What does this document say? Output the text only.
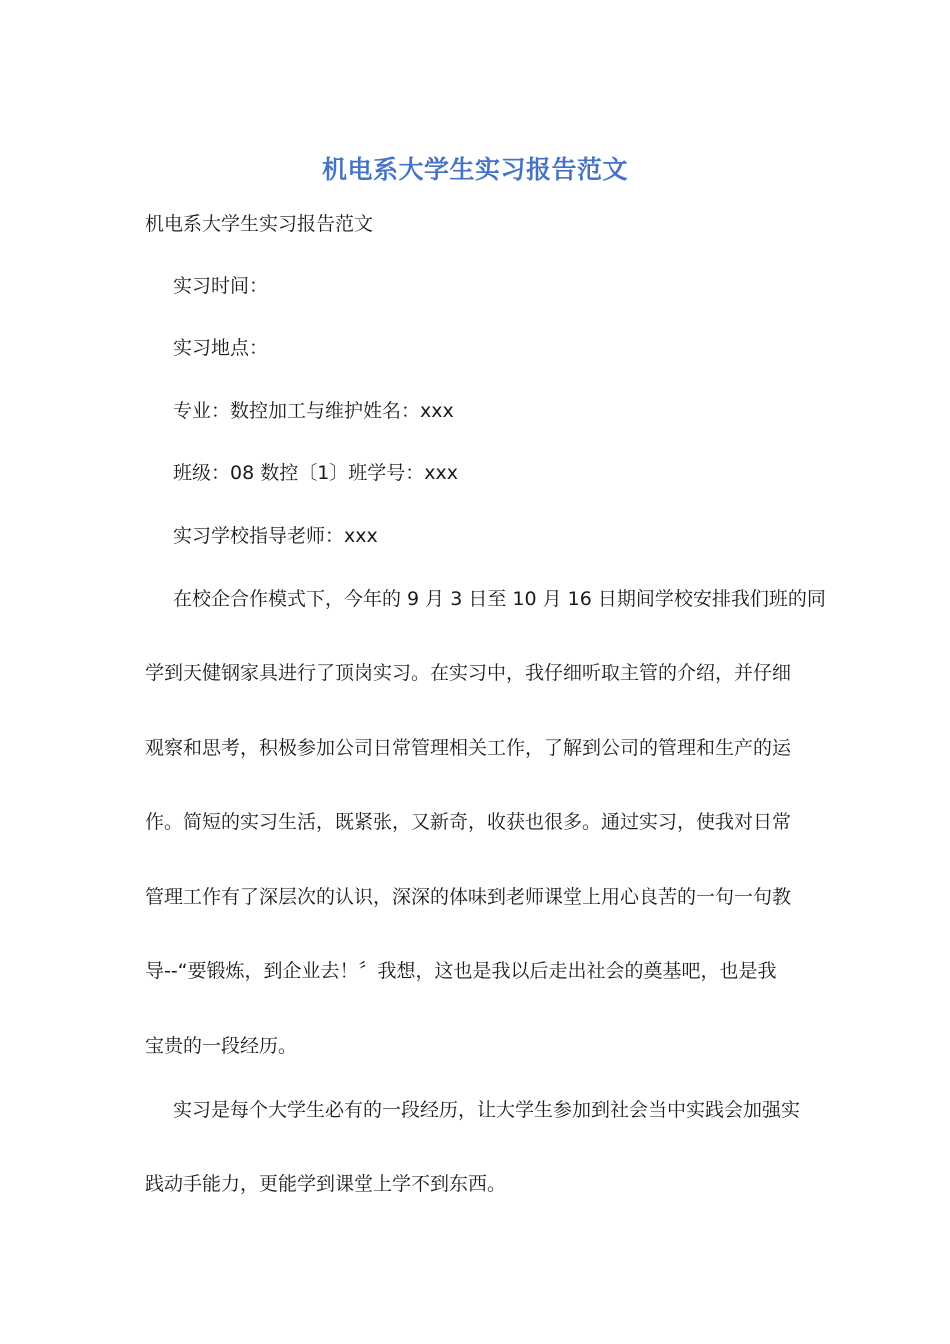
机电系大学生实习报告范文
机电系大学生实习报告范文
实习时间：
实习地点：
专业：数控加工与维护姓名：xxx
班级：08 数控〔1〕班学号：xxx
实习学校指导老师：xxx
在校企合作模式下，今年的 9 月 3 日至 10 月 16 日期间学校安排我们班的同
学到天健钢家具进行了顶岗实习。在实习中，我仔细听取主管的介绍，并仔细
观察和思考，积极参加公司日常管理相关工作，了解到公司的管理和生产的运
作。简短的实习生活，既紧张，又新奇，收获也很多。通过实习，使我对日常
管理工作有了深层次的认识，深深的体味到老师课堂上用心良苦的一句一句教
导--“要锻炼，到企业去！〞我想，这也是我以后走出社会的奠基吧，也是我
宝贵的一段经历。
实习是每个大学生必有的一段经历，让大学生参加到社会当中实践会加强实
践动手能力，更能学到课堂上学不到东西。
